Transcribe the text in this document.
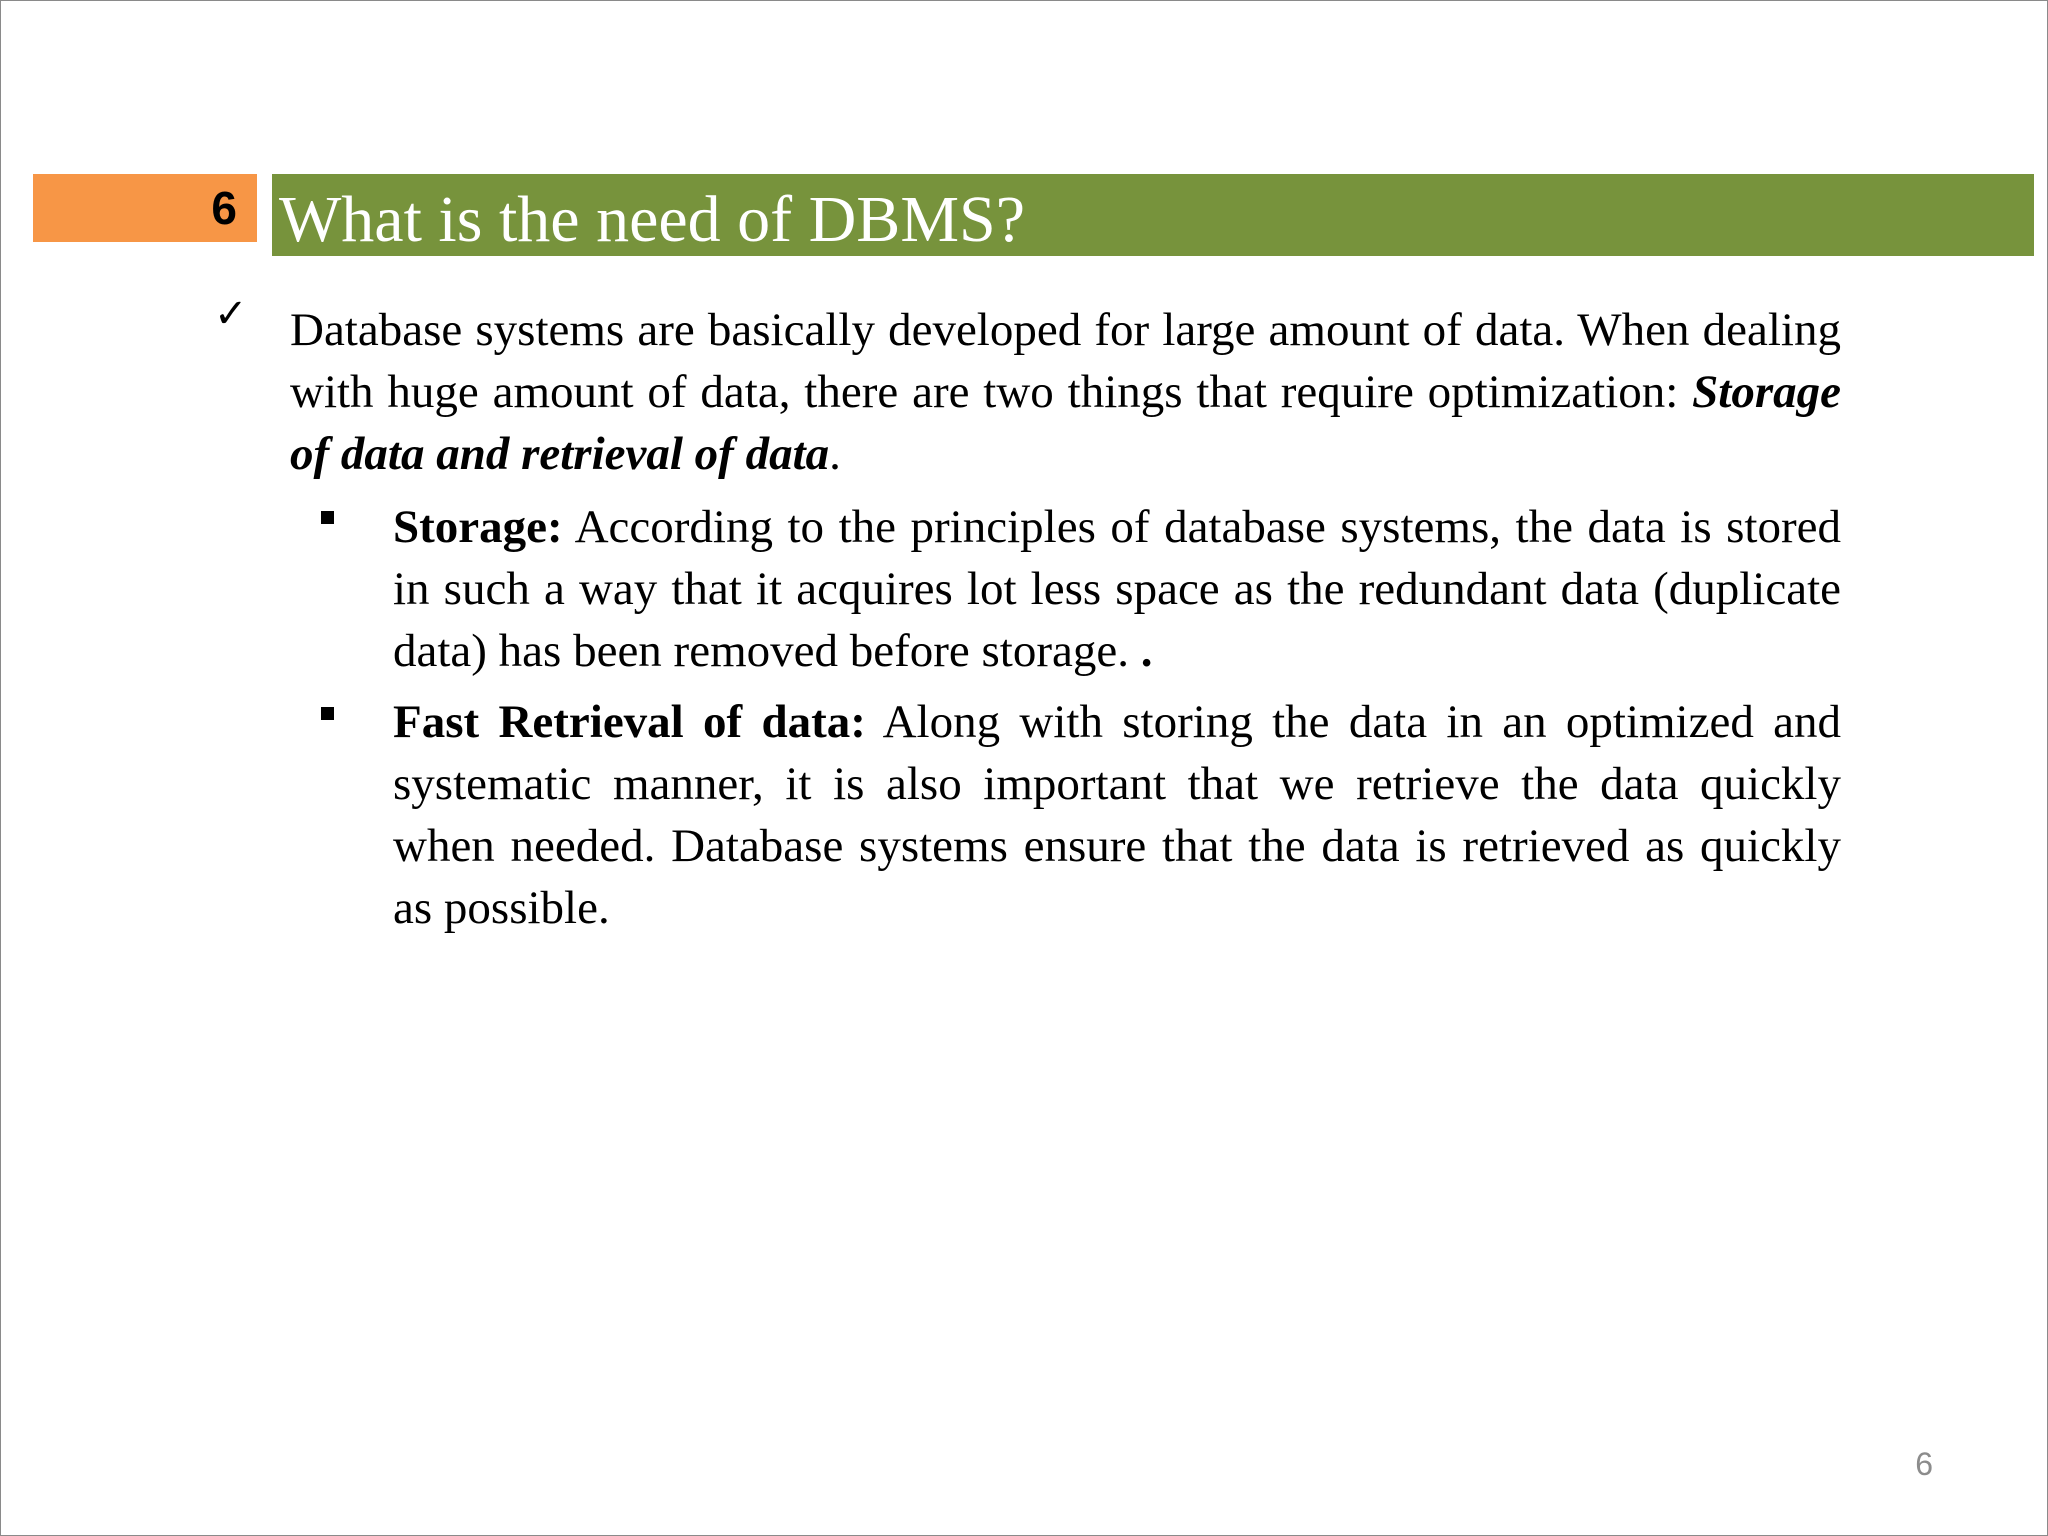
6 What is the need of DBMS?
✓ Database systems are basically developed for large amount of data. When dealing with huge amount of data, there are two things that require optimization: Storage of data and retrieval of data.

Storage: According to the principles of database systems, the data is stored in such a way that it acquires lot less space as the redundant data (duplicate data) has been removed before storage. .

Fast Retrieval of data: Along with storing the data in an optimized and systematic manner, it is also important that we retrieve the data quickly when needed. Database systems ensure that the data is retrieved as quickly as possible.

6
